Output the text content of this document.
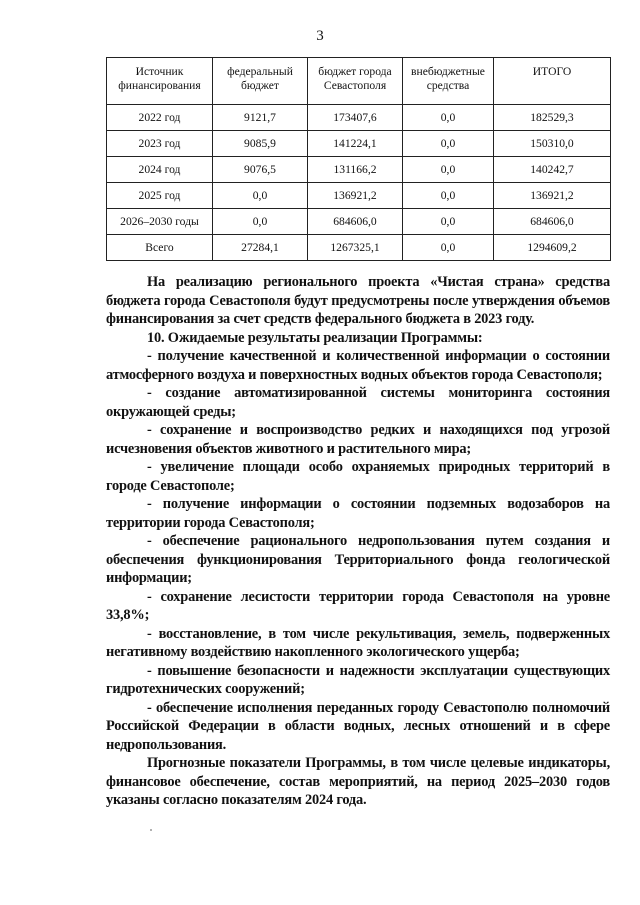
3
Источник финансирования	федеральный бюджет	бюджет города Севастополя	внебюджетные средства	ИТОГО
2022 год	9121,7	173407,6	0,0	182529,3
2023 год	9085,9	141224,1	0,0	150310,0
2024 год	9076,5	131166,2	0,0	140242,7
2025 год	0,0	136921,2	0,0	136921,2
2026–2030 годы	0,0	684606,0	0,0	684606,0
Всего	27284,1	1267325,1	0,0	1294609,2

На реализацию регионального проекта «Чистая страна» средства бюджета города Севастополя будут предусмотрены после утверждения объемов финансирования за счет средств федерального бюджета в 2023 году.

10. Ожидаемые результаты реализации Программы:

- получение качественной и количественной информации о состоянии атмосферного воздуха и поверхностных водных объектов города Севастополя;

- создание автоматизированной системы мониторинга состояния окружающей среды;

- сохранение и воспроизводство редких и находящихся под угрозой исчезновения объектов животного и растительного мира;

- увеличение площади особо охраняемых природных территорий в городе Севастополе;

- получение информации о состоянии подземных водозаборов на территории города Севастополя;

- обеспечение рационального недропользования путем создания и обеспечения функционирования Территориального фонда геологической информации;

- сохранение лесистости территории города Севастополя на уровне 33,8%;

- восстановление, в том числе рекультивация, земель, подверженных негативному воздействию накопленного экологического ущерба;

- повышение безопасности и надежности эксплуатации существующих гидротехнических сооружений;

- обеспечение исполнения переданных городу Севастополю полномочий Российской Федерации в области водных, лесных отношений и в сфере недропользования.

Прогнозные показатели Программы, в том числе целевые индикаторы, финансовое обеспечение, состав мероприятий, на период 2025–2030 годов указаны согласно показателям 2024 года.
